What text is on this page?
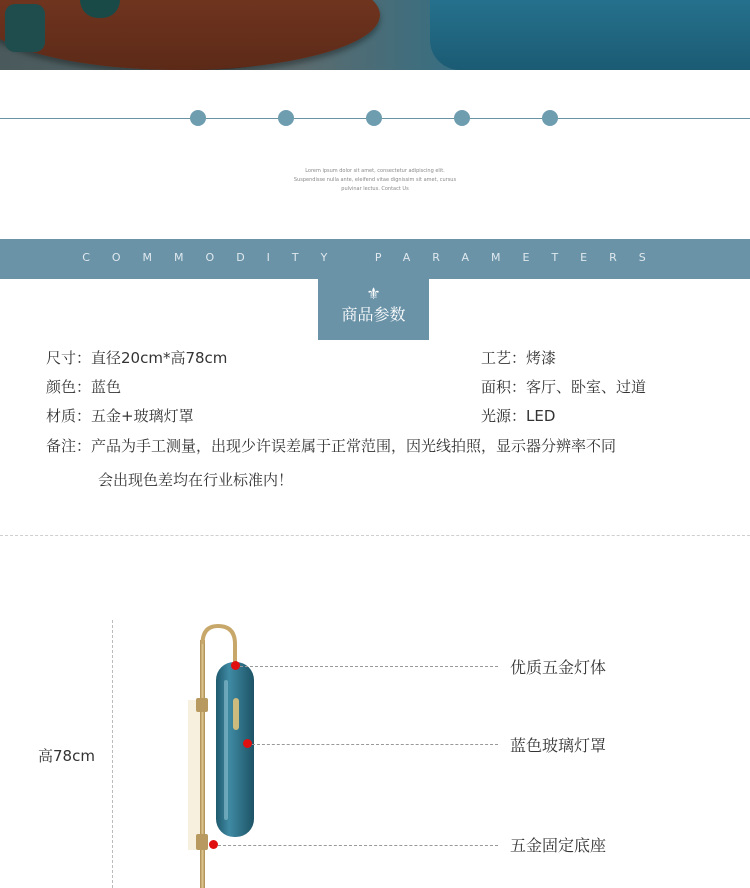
Lorem ipsum dolor sit amet, consectetur adipiscing elit.
Suspendisse nulla ante, eleifend vitae dignissim sit amet, cursus
pulvinar lectus. Contact Us
COMMODITY PARAMETERS
⚜
商品参数
尺寸：直径20cm*高78cm
颜色：蓝色
材质：五金+玻璃灯罩
工艺：烤漆
面积：客厅、卧室、过道
光源：LED
备注：产品为手工测量，出现少许误差属于正常范围，因光线拍照，显示器分辨率不同
会出现色差均在行业标准内！
高78cm
优质五金灯体
蓝色玻璃灯罩
五金固定底座
